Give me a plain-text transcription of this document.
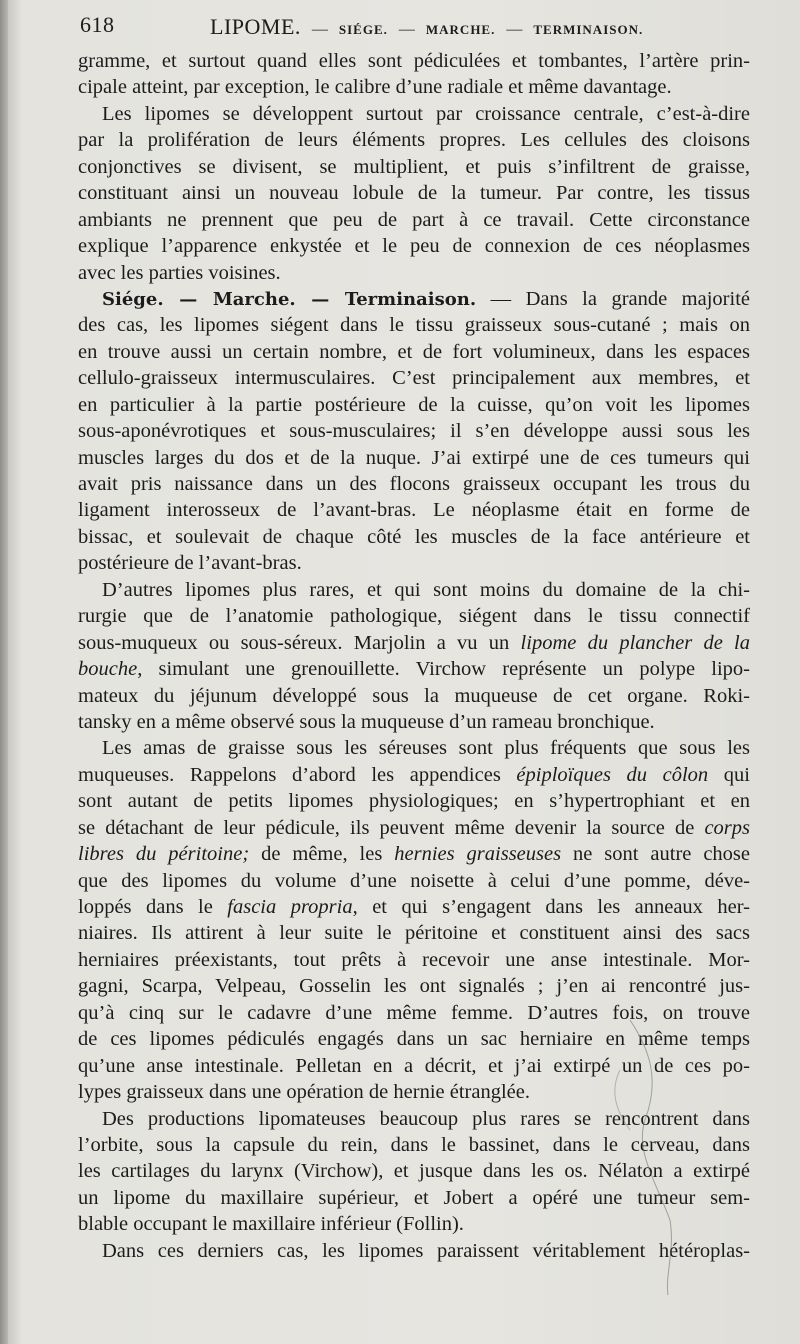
618	LIPOME. — SIÉGE. — MARCHE. — TERMINAISON.
gramme, et surtout quand elles sont pédiculées et tombantes, l’artère prin-
cipale atteint, par exception, le calibre d’une radiale et même davantage.
Les lipomes se développent surtout par croissance centrale, c’est-à-dire
par la prolifération de leurs éléments propres. Les cellules des cloisons
conjonctives se divisent, se multiplient, et puis s’infiltrent de graisse,
constituant ainsi un nouveau lobule de la tumeur. Par contre, les tissus
ambiants ne prennent que peu de part à ce travail. Cette circonstance
explique l’apparence enkystée et le peu de connexion de ces néoplasmes
avec les parties voisines.
Siége. — Marche. — Terminaison. — Dans la grande majorité
des cas, les lipomes siégent dans le tissu graisseux sous-cutané ; mais on
en trouve aussi un certain nombre, et de fort volumineux, dans les espaces
cellulo-graisseux intermusculaires. C’est principalement aux membres, et
en particulier à la partie postérieure de la cuisse, qu’on voit les lipomes
sous-aponévrotiques et sous-musculaires; il s’en développe aussi sous les
muscles larges du dos et de la nuque. J’ai extirpé une de ces tumeurs qui
avait pris naissance dans un des flocons graisseux occupant les trous du
ligament interosseux de l’avant-bras. Le néoplasme était en forme de
bissac, et soulevait de chaque côté les muscles de la face antérieure et
postérieure de l’avant-bras.
D’autres lipomes plus rares, et qui sont moins du domaine de la chi-
rurgie que de l’anatomie pathologique, siégent dans le tissu connectif
sous-muqueux ou sous-séreux. Marjolin a vu un lipome du plancher de la
bouche, simulant une grenouillette. Virchow représente un polype lipo-
mateux du jéjunum développé sous la muqueuse de cet organe. Roki-
tansky en a même observé sous la muqueuse d’un rameau bronchique.
Les amas de graisse sous les séreuses sont plus fréquents que sous les
muqueuses. Rappelons d’abord les appendices épiploïques du côlon qui
sont autant de petits lipomes physiologiques; en s’hypertrophiant et en
se détachant de leur pédicule, ils peuvent même devenir la source de corps
libres du péritoine; de même, les hernies graisseuses ne sont autre chose
que des lipomes du volume d’une noisette à celui d’une pomme, déve-
loppés dans le fascia propria, et qui s’engagent dans les anneaux her-
niaires. Ils attirent à leur suite le péritoine et constituent ainsi des sacs
herniaires préexistants, tout prêts à recevoir une anse intestinale. Mor-
gagni, Scarpa, Velpeau, Gosselin les ont signalés ; j’en ai rencontré jus-
qu’à cinq sur le cadavre d’une même femme. D’autres fois, on trouve
de ces lipomes pédiculés engagés dans un sac herniaire en même temps
qu’une anse intestinale. Pelletan en a décrit, et j’ai extirpé un de ces po-
lypes graisseux dans une opération de hernie étranglée.
Des productions lipomateuses beaucoup plus rares se rencontrent dans
l’orbite, sous la capsule du rein, dans le bassinet, dans le cerveau, dans
les cartilages du larynx (Virchow), et jusque dans les os. Nélaton a extirpé
un lipome du maxillaire supérieur, et Jobert a opéré une tumeur sem-
blable occupant le maxillaire inférieur (Follin).
Dans ces derniers cas, les lipomes paraissent véritablement hétéroplas-
